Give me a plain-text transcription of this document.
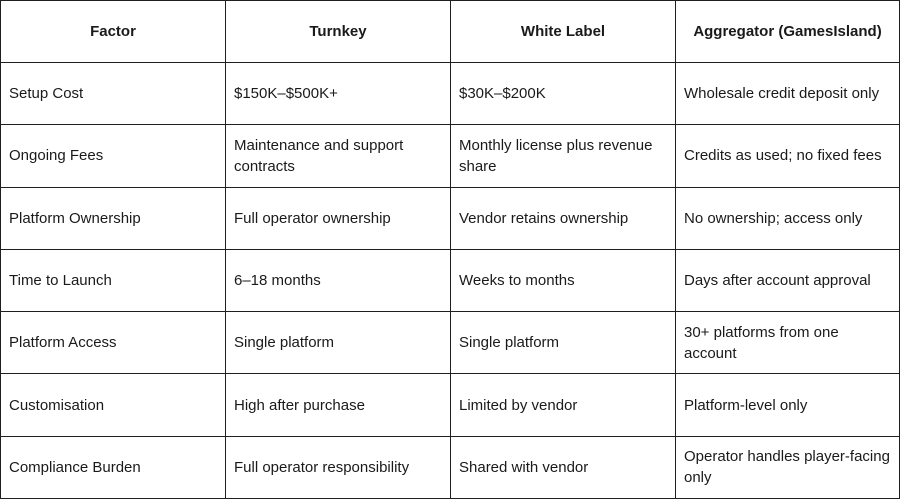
Factor	Turnkey	White Label	Aggregator (GamesIsland)
Setup Cost	$150K–$500K+	$30K–$200K	Wholesale credit deposit only
Ongoing Fees	Maintenance and support contracts	Monthly license plus revenue share	Credits as used; no fixed fees
Platform Ownership	Full operator ownership	Vendor retains ownership	No ownership; access only
Time to Launch	6–18 months	Weeks to months	Days after account approval
Platform Access	Single platform	Single platform	30+ platforms from one account
Customisation	High after purchase	Limited by vendor	Platform-level only
Compliance Burden	Full operator responsibility	Shared with vendor	Operator handles player-facing only
